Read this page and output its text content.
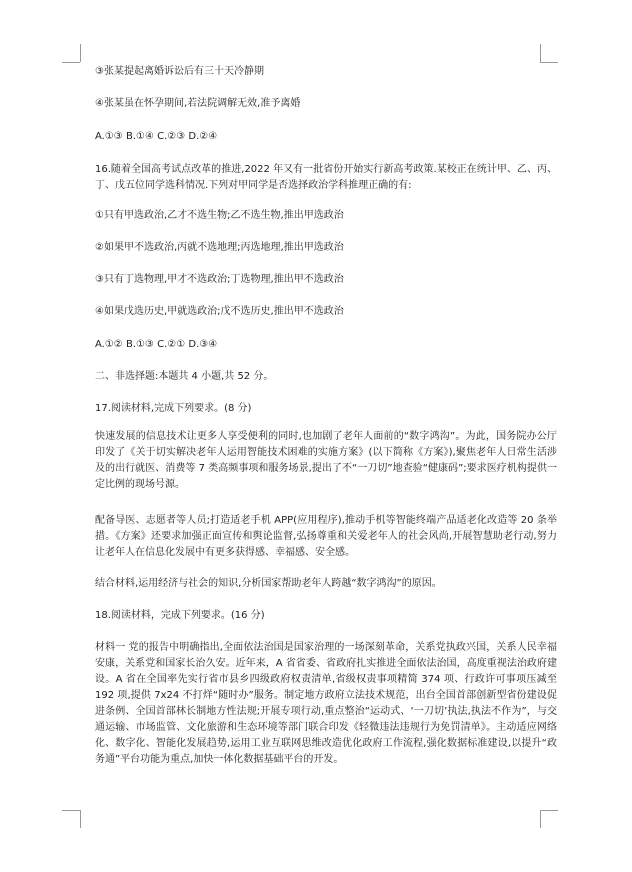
③张某提起离婚诉讼后有三十天冷静期
④张某虽在怀孕期间,若法院调解无效,准予离婚
A.①③ B.①④ C.②③ D.②④
16.随着全国高考试点改革的推进,2022 年又有一批省份开始实行新高考政策.某校正在统计甲、乙、丙、丁、戊五位同学选科情况.下列对甲同学是否选择政治学科推理正确的有:
①只有甲选政治,乙才不选生物;乙不选生物,推出甲选政治
②如果甲不选政治,丙就不选地理;丙选地理,推出甲选政治
③只有丁选物理,甲才不选政治;丁选物理,推出甲不选政治
④如果戊选历史,甲就选政治;戊不选历史,推出甲不选政治
A.①② B.①③ C.②① D.③④
二、非选择题:本题共 4 小题,共 52 分。
17.阅读材料,完成下列要求。(8 分)
快速发展的信息技术让更多人享受便利的同时,也加剧了老年人面前的“数字鸿沟”。为此，国务院办公厅印发了《关于切实解决老年人运用智能技术困难的实施方案》(以下简称《方案》),聚焦老年人日常生活涉及的出行就医、消费等 7 类高频事项和服务场景,提出了不“一刀切”地查验“健康码”;要求医疗机构提供一定比例的现场号源。
配备导医、志愿者等人员;打造适老手机 APP(应用程序),推动手机等智能终端产品适老化改造等 20 条举措。《方案》还要求加强正面宣传和舆论监督,弘扬尊重和关爱老年人的社会风尚,开展智慧助老行动,努力让老年人在信息化发展中有更多获得感、幸福感、安全感。
结合材料,运用经济与社会的知识,分析国家帮助老年人跨越“数字鸿沟”的原因。
18.阅读材料，完成下列要求。(16 分)
材料一 党的报告中明确指出,全面依法治国是国家治理的一场深刻革命，关系党执政兴国，关系人民幸福安康，关系党和国家长治久安。近年来，A 省省委、省政府扎实推进全面依法治国，高度重视法治政府建设。A 省在全国率先实行省市县乡四级政府权责清单,省级权责事项精简 374 项、行政许可事项压减至 192 项,提供 7x24 不打烊“随时办”服务。制定地方政府立法技术规范，出台全国首部创新型省份建设促进条例、全国首部林长制地方性法规;开展专项行动,重点整治“运动式、‘一刀切’执法,执法不作为”，与交通运输、市场监管、文化旅游和生态环境等部门联合印发《轻微违法违规行为免罚清单》。主动适应网络化、数字化、智能化发展趋势,运用工业互联网思维改造优化政府工作流程,强化数据标准建设,以提升“政务通”平台功能为重点,加快一体化数据基础平台的开发。
